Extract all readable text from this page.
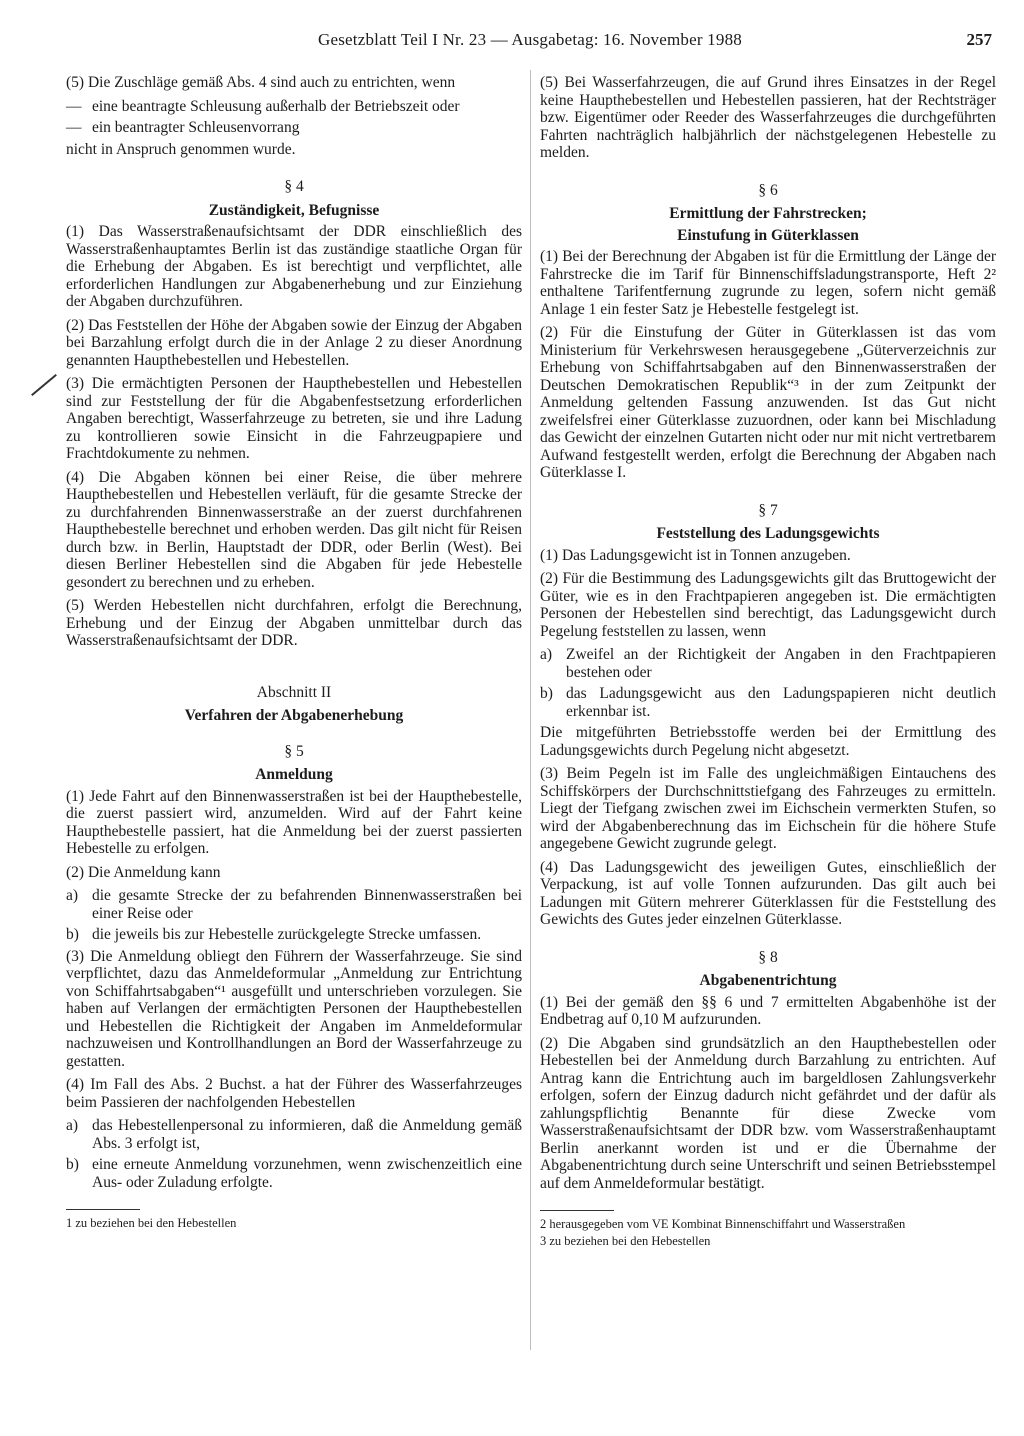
Gesetzblatt Teil I Nr. 23 — Ausgabetag: 16. November 1988	257

(5) Die Zuschläge gemäß Abs. 4 sind auch zu entrichten, wenn

— eine beantragte Schleusung außerhalb der Betriebszeit oder
— ein beantragter Schleusenvorrang

nicht in Anspruch genommen wurde.

§ 4
Zuständigkeit, Befugnisse

(1) Das Wasserstraßenaufsichtsamt der DDR einschließlich des Wasserstraßenhauptamtes Berlin ist das zuständige staatliche Organ für die Erhebung der Abgaben. Es ist berechtigt und verpflichtet, alle erforderlichen Handlungen zur Abgabenerhebung und zur Einziehung der Abgaben durchzuführen.

(2) Das Feststellen der Höhe der Abgaben sowie der Einzug der Abgaben bei Barzahlung erfolgt durch die in der Anlage 2 zu dieser Anordnung genannten Haupthebestellen und Hebestellen.

(3) Die ermächtigten Personen der Haupthebestellen und Hebestellen sind zur Feststellung der für die Abgabenfestsetzung erforderlichen Angaben berechtigt, Wasserfahrzeuge zu betreten, sie und ihre Ladung zu kontrollieren sowie Einsicht in die Fahrzeugpapiere und Frachtdokumente zu nehmen.

(4) Die Abgaben können bei einer Reise, die über mehrere Haupthebestellen und Hebestellen verläuft, für die gesamte Strecke der zu durchfahrenden Binnenwasserstraße an der zuerst durchfahrenen Haupthebestelle berechnet und erhoben werden. Das gilt nicht für Reisen durch bzw. in Berlin, Hauptstadt der DDR, oder Berlin (West). Bei diesen Berliner Hebestellen sind die Abgaben für jede Hebestelle gesondert zu berechnen und zu erheben.

(5) Werden Hebestellen nicht durchfahren, erfolgt die Berechnung, Erhebung und der Einzug der Abgaben unmittelbar durch das Wasserstraßenaufsichtsamt der DDR.

Abschnitt II
Verfahren der Abgabenerhebung
§ 5
Anmeldung

(1) Jede Fahrt auf den Binnenwasserstraßen ist bei der Haupthebestelle, die zuerst passiert wird, anzumelden. Wird auf der Fahrt keine Haupthebestelle passiert, hat die Anmeldung bei der zuerst passierten Hebestelle zu erfolgen.

(2) Die Anmeldung kann

a) die gesamte Strecke der zu befahrenden Binnenwasserstraßen bei einer Reise oder
b) die jeweils bis zur Hebestelle zurückgelegte Strecke umfassen.

(3) Die Anmeldung obliegt den Führern der Wasserfahrzeuge. Sie sind verpflichtet, dazu das Anmeldeformular „Anmeldung zur Entrichtung von Schiffahrtsabgaben“¹ ausgefüllt und unterschrieben vorzulegen. Sie haben auf Verlangen der ermächtigten Personen der Haupthebestellen und Hebestellen die Richtigkeit der Angaben im Anmeldeformular nachzuweisen und Kontrollhandlungen an Bord der Wasserfahrzeuge zu gestatten.

(4) Im Fall des Abs. 2 Buchst. a hat der Führer des Wasserfahrzeuges beim Passieren der nachfolgenden Hebestellen

a) das Hebestellenpersonal zu informieren, daß die Anmeldung gemäß Abs. 3 erfolgt ist,
b) eine erneute Anmeldung vorzunehmen, wenn zwischenzeitlich eine Aus- oder Zuladung erfolgte.

1 zu beziehen bei den Hebestellen

(5) Bei Wasserfahrzeugen, die auf Grund ihres Einsatzes in der Regel keine Haupthebestellen und Hebestellen passieren, hat der Rechtsträger bzw. Eigentümer oder Reeder des Wasserfahrzeuges die durchgeführten Fahrten nachträglich halbjährlich der nächstgelegenen Hebestelle zu melden.

§ 6
Ermittlung der Fahrstrecken;
Einstufung in Güterklassen

(1) Bei der Berechnung der Abgaben ist für die Ermittlung der Länge der Fahrstrecke die im Tarif für Binnenschiffsladungstransporte, Heft 2² enthaltene Tarifentfernung zugrunde zu legen, sofern nicht gemäß Anlage 1 ein fester Satz je Hebestelle festgelegt ist.

(2) Für die Einstufung der Güter in Güterklassen ist das vom Ministerium für Verkehrswesen herausgegebene „Güterverzeichnis zur Erhebung von Schiffahrtsabgaben auf den Binnenwasserstraßen der Deutschen Demokratischen Republik“³ in der zum Zeitpunkt der Anmeldung geltenden Fassung anzuwenden. Ist das Gut nicht zweifelsfrei einer Güterklasse zuzuordnen, oder kann bei Mischladung das Gewicht der einzelnen Gutarten nicht oder nur mit nicht vertretbarem Aufwand festgestellt werden, erfolgt die Berechnung der Abgaben nach Güterklasse I.

§ 7
Feststellung des Ladungsgewichts

(1) Das Ladungsgewicht ist in Tonnen anzugeben.

(2) Für die Bestimmung des Ladungsgewichts gilt das Bruttogewicht der Güter, wie es in den Frachtpapieren angegeben ist. Die ermächtigten Personen der Hebestellen sind berechtigt, das Ladungsgewicht durch Pegelung feststellen zu lassen, wenn

a) Zweifel an der Richtigkeit der Angaben in den Frachtpapieren bestehen oder
b) das Ladungsgewicht aus den Ladungspapieren nicht deutlich erkennbar ist.

Die mitgeführten Betriebsstoffe werden bei der Ermittlung des Ladungsgewichts durch Pegelung nicht abgesetzt.

(3) Beim Pegeln ist im Falle des ungleichmäßigen Eintauchens des Schiffskörpers der Durchschnittstiefgang des Fahrzeuges zu ermitteln. Liegt der Tiefgang zwischen zwei im Eichschein vermerkten Stufen, so wird der Abgabenberechnung das im Eichschein für die höhere Stufe angegebene Gewicht zugrunde gelegt.

(4) Das Ladungsgewicht des jeweiligen Gutes, einschließlich der Verpackung, ist auf volle Tonnen aufzurunden. Das gilt auch bei Ladungen mit Gütern mehrerer Güterklassen für die Feststellung des Gewichts des Gutes jeder einzelnen Güterklasse.

§ 8
Abgabenentrichtung

(1) Bei der gemäß den §§ 6 und 7 ermittelten Abgabenhöhe ist der Endbetrag auf 0,10 M aufzurunden.

(2) Die Abgaben sind grundsätzlich an den Haupthebestellen oder Hebestellen bei der Anmeldung durch Barzahlung zu entrichten. Auf Antrag kann die Entrichtung auch im bargeldlosen Zahlungsverkehr erfolgen, sofern der Einzug dadurch nicht gefährdet und der dafür als zahlungspflichtig Benannte für diese Zwecke vom Wasserstraßenaufsichtsamt der DDR bzw. vom Wasserstraßenhauptamt Berlin anerkannt worden ist und er die Übernahme der Abgabenentrichtung durch seine Unterschrift und seinen Betriebsstempel auf dem Anmeldeformular bestätigt.

2 herausgegeben vom VE Kombinat Binnenschiffahrt und Wasserstraßen

3 zu beziehen bei den Hebestellen
